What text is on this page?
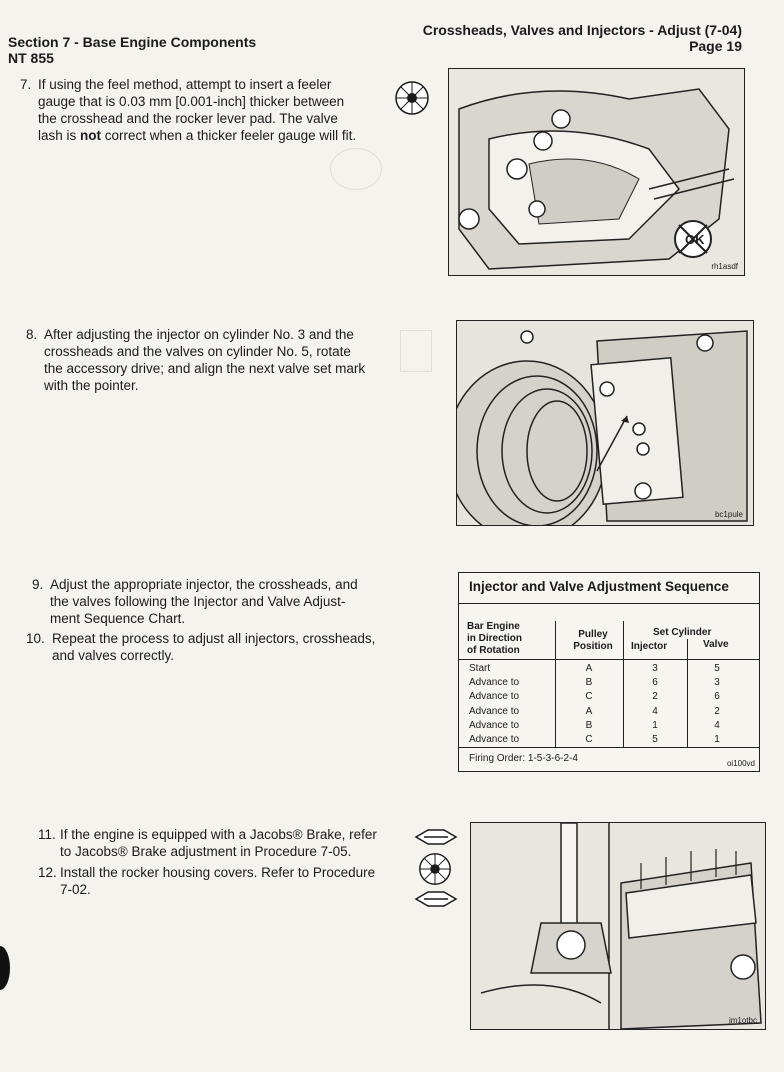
Section 7 - Base Engine Components
NT 855
Crossheads, Valves and Injectors - Adjust (7-04)
Page 19
7. If using the feel method, attempt to insert a feeler
gauge that is 0.03 mm [0.001-inch] thicker between
the crosshead and the rocker lever pad. The valve
lash is not correct when a thicker feeler gauge will fit.
OK
rh1asdf
8. After adjusting the injector on cylinder No. 3 and the
crossheads and the valves on cylinder No. 5, rotate
the accessory drive; and align the next valve set mark
with the pointer.
bc1pule
9. Adjust the appropriate injector, the crossheads, and
the valves following the Injector and Valve Adjust-
ment Sequence Chart.
10. Repeat the process to adjust all injectors, crossheads,
and valves correctly.
Injector and Valve Adjustment Sequence
Bar Engine
in Direction
of Rotation
Pulley
Position
Set Cylinder
Injector	Valve
Start	A	3	5
Advance to	B	6	3
Advance to	C	2	6
Advance to	A	4	2
Advance to	B	1	4
Advance to	C	5	1
Firing Order: 1-5-3-6-2-4	oi100vd
11. If the engine is equipped with a Jacobs® Brake, refer
to Jacobs® Brake adjustment in Procedure 7-05.
12. Install the rocker housing covers. Refer to Procedure
7-02.
jm1otbc
